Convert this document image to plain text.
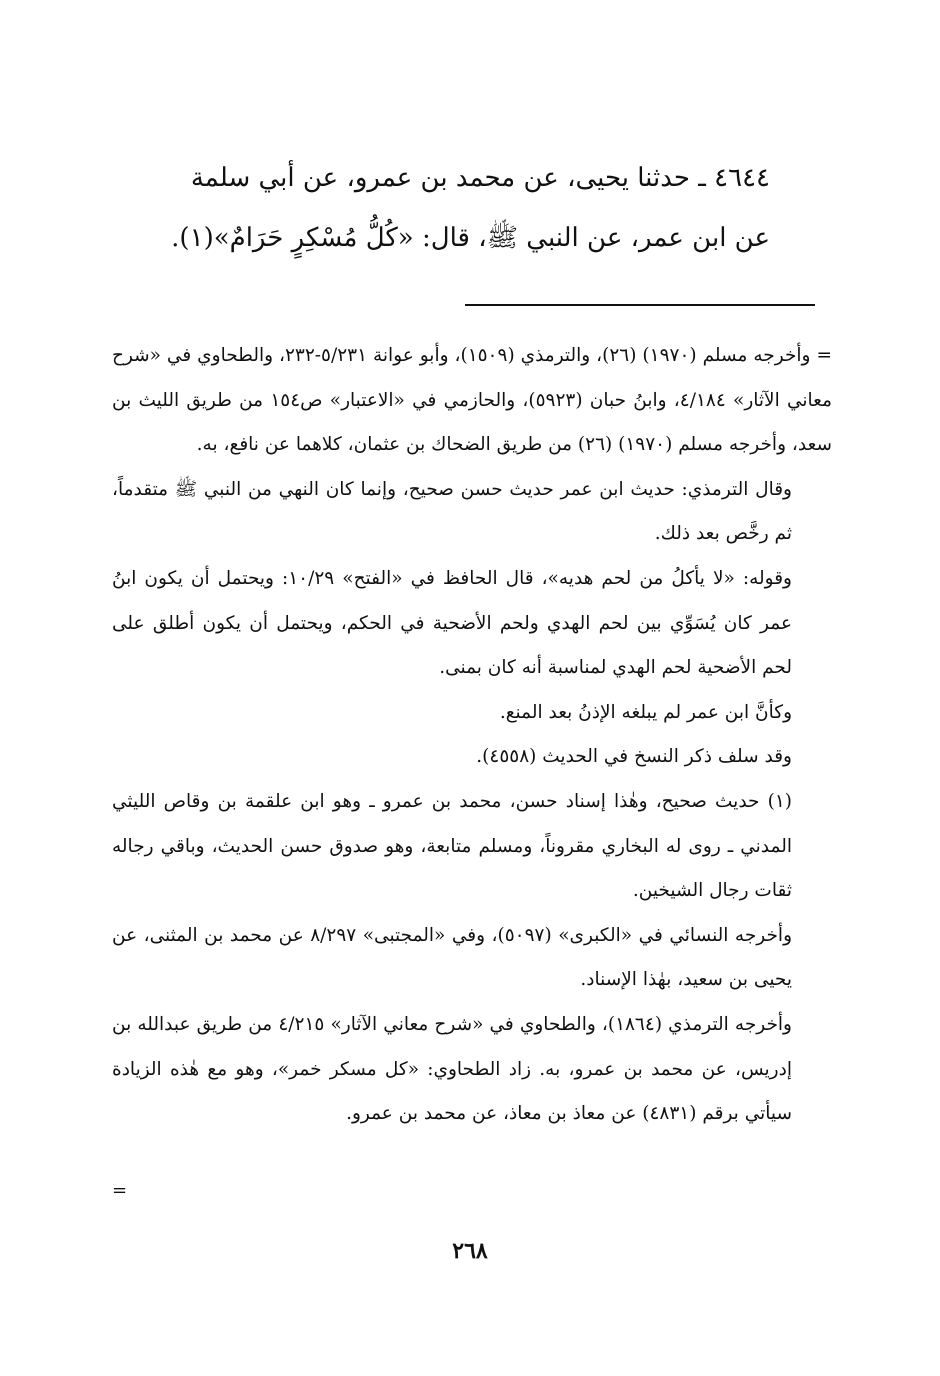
٤٦٤٤ ـ حدثنا يحيى، عن محمد بن عمرو، عن أبي سلمة
عن ابن عمر، عن النبي ﷺ، قال: «كُلُّ مُسْكِرٍ حَرَامٌ»(١).

=وأخرجه مسلم (١٩٧٠) (٢٦)، والترمذي (١٥٠٩)، وأبو عوانة ٥/٢٣١-٢٣٢، والطحاوي في «شرح معاني الآثار» ٤/١٨٤، وابنُ حبان (٥٩٢٣)، والحازمي في «الاعتبار» ص١٥٤ من طريق الليث بن سعد، وأخرجه مسلم (١٩٧٠) (٢٦) من طريق الضحاك بن عثمان، كلاهما عن نافع، به.

وقال الترمذي: حديث ابن عمر حديث حسن صحيح، وإنما كان النهي من النبي ﷺ متقدماً، ثم رخَّص بعد ذلك.

وقوله: «لا يأكلُ من لحم هديه»، قال الحافظ في «الفتح» ١٠/٢٩: ويحتمل أن يكون ابنُ عمر كان يُسَوِّي بين لحم الهدي ولحم الأضحية في الحكم، ويحتمل أن يكون أطلق على لحم الأضحية لحم الهدي لمناسبة أنه كان بمنى.

وكأنَّ ابن عمر لم يبلغه الإذنُ بعد المنع.

وقد سلف ذكر النسخ في الحديث (٤٥٥٨).

(١) حديث صحيح، وهٰذا إسناد حسن، محمد بن عمرو ـ وهو ابن علقمة بن وقاص الليثي المدني ـ روى له البخاري مقروناً، ومسلم متابعة، وهو صدوق حسن الحديث، وباقي رجاله ثقات رجال الشيخين.

وأخرجه النسائي في «الكبرى» (٥٠٩٧)، وفي «المجتبى» ٨/٢٩٧ عن محمد بن المثنى، عن يحيى بن سعيد، بهٰذا الإسناد.

وأخرجه الترمذي (١٨٦٤)، والطحاوي في «شرح معاني الآثار» ٤/٢١٥ من طريق عبدالله بن إدريس، عن محمد بن عمرو، به. زاد الطحاوي: «كل مسكر خمر»، وهو مع هٰذه الزيادة سيأتي برقم (٤٨٣١) عن معاذ بن معاذ، عن محمد بن عمرو.

=
٢٦٨
